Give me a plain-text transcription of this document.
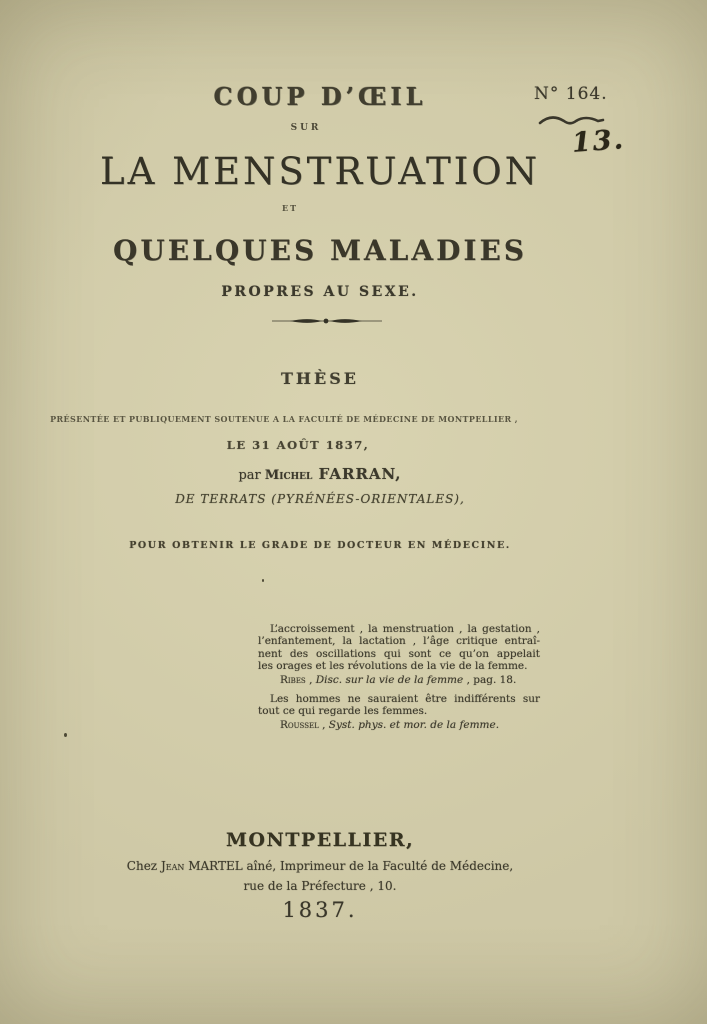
COUP D’ŒIL	N° 164.
13.
SUR
LA MENSTRUATION
ET
QUELQUES MALADIES
PROPRES AU SEXE.
THÈSE
PRÉSENTÉE ET PUBLIQUEMENT SOUTENUE A LA FACULTÉ DE MÉDECINE DE MONTPELLIER ,
LE 31 AOÛT 1837,
par Michel FARRAN,
DE TERRATS (PYRÉNÉES-ORIENTALES),
POUR OBTENIR LE GRADE DE DOCTEUR EN MÉDECINE.
L’accroissement , la menstruation , la gestation ,
l’enfantement, la lactation , l’âge critique entraî-
nent des oscillations qui sont ce qu’on appelait
les orages et les révolutions de la vie de la femme.
Ribes , Disc. sur la vie de la femme , pag. 18.
Les hommes ne sauraient être indifférents sur
tout ce qui regarde les femmes.
Roussel , Syst. phys. et mor. de la femme.
MONTPELLIER,
Chez Jean MARTEL aîné, Imprimeur de la Faculté de Médecine,
rue de la Préfecture , 10.
1837.
